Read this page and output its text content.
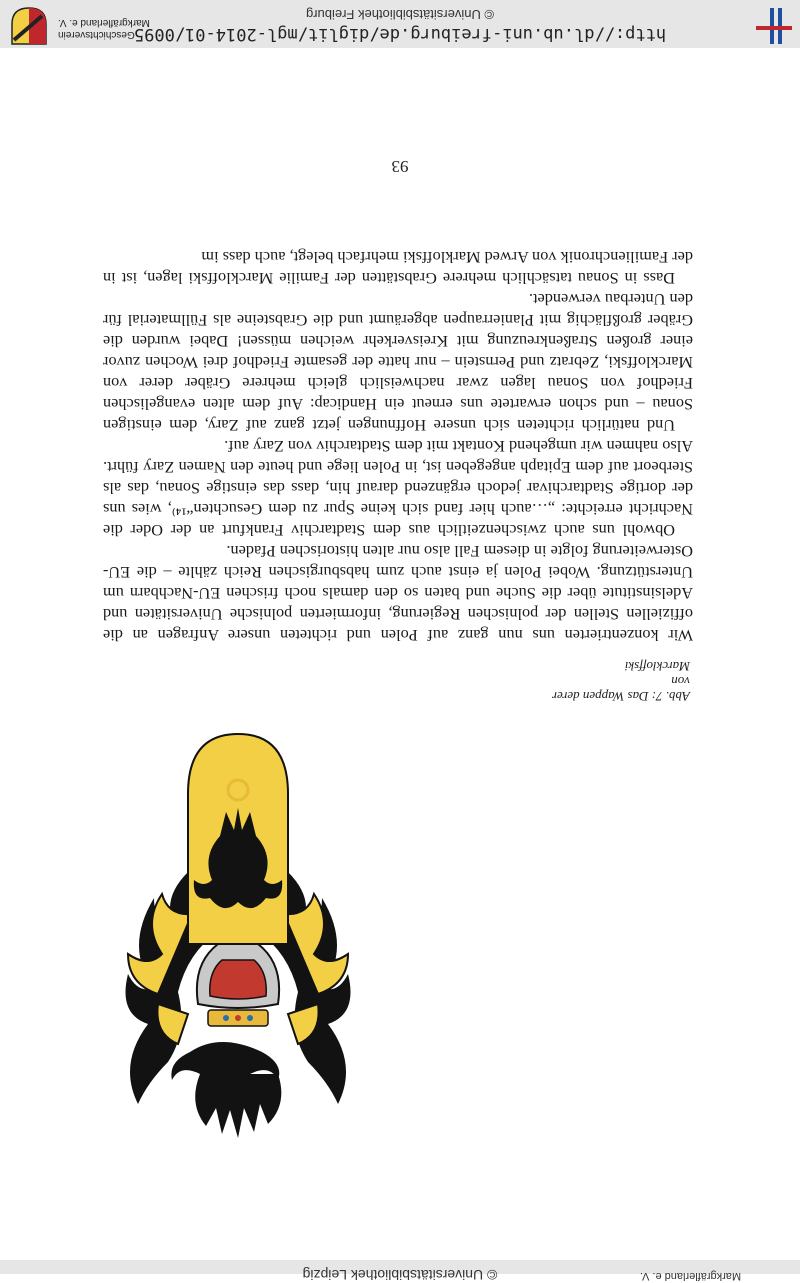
Markgräflerland e. V.
© Universitätsbibliothek Leipzig
Abb. 7: Das Wappen derer von
Marckloffski

Wir konzentrierten uns nun ganz auf Polen und richteten unsere Anfragen an die offiziellen Stellen der polnischen Regierung, informierten polnische Universitäten und Adelsinstitute über die Suche und baten so den damals noch frischen EU-Nachbarn um Unterstützung. Wobei Polen ja einst auch zum habsburgischen Reich zählte – die EU-Osterweiterung folgte in diesem Fall also nur alten historischen Pfaden.

Obwohl uns auch zwischenzeitlich aus dem Stadtarchiv Frankfurt an der Oder die Nachricht erreichte: „…auch hier fand sich keine Spur zu dem Gesuchten“¹⁴⁾, wies uns der dortige Stadtarchivar jedoch ergänzend darauf hin, dass das einstige Sonau, das als Sterbeort auf dem Epitaph angegeben ist, in Polen liege und heute den Namen Zary führt. Also nahmen wir umgehend Kontakt mit dem Stadtarchiv von Zary auf.

Und natürlich richteten sich unsere Hoffnungen jetzt ganz auf Zary, dem einstigen Sonau – und schon erwartete uns erneut ein Handicap: Auf dem alten evangelischen Friedhof von Sonau lagen zwar nachweislich gleich mehrere Gräber derer von Marckloffski, Zebratz und Pernstein – nur hatte der gesamte Friedhof drei Wochen zuvor einer großen Straßenkreuzung mit Kreisverkehr weichen müssen! Dabei wurden die Gräber großflächig mit Planierraupen abgeräumt und die Grabsteine als Füllmaterial für den Unterbau verwendet.

Dass in Sonau tatsächlich mehrere Grabstätten der Familie Marckloffski lagen, ist in der Familienchronik von Arwed Markloffski mehrfach belegt, auch dass im

93
http://dl.ub.uni-freiburg.de/diglit/mgl-2014-01/0095
© Universitätsbibliothek Freiburg
Geschichtsverein
Markgräflerland e. V.
